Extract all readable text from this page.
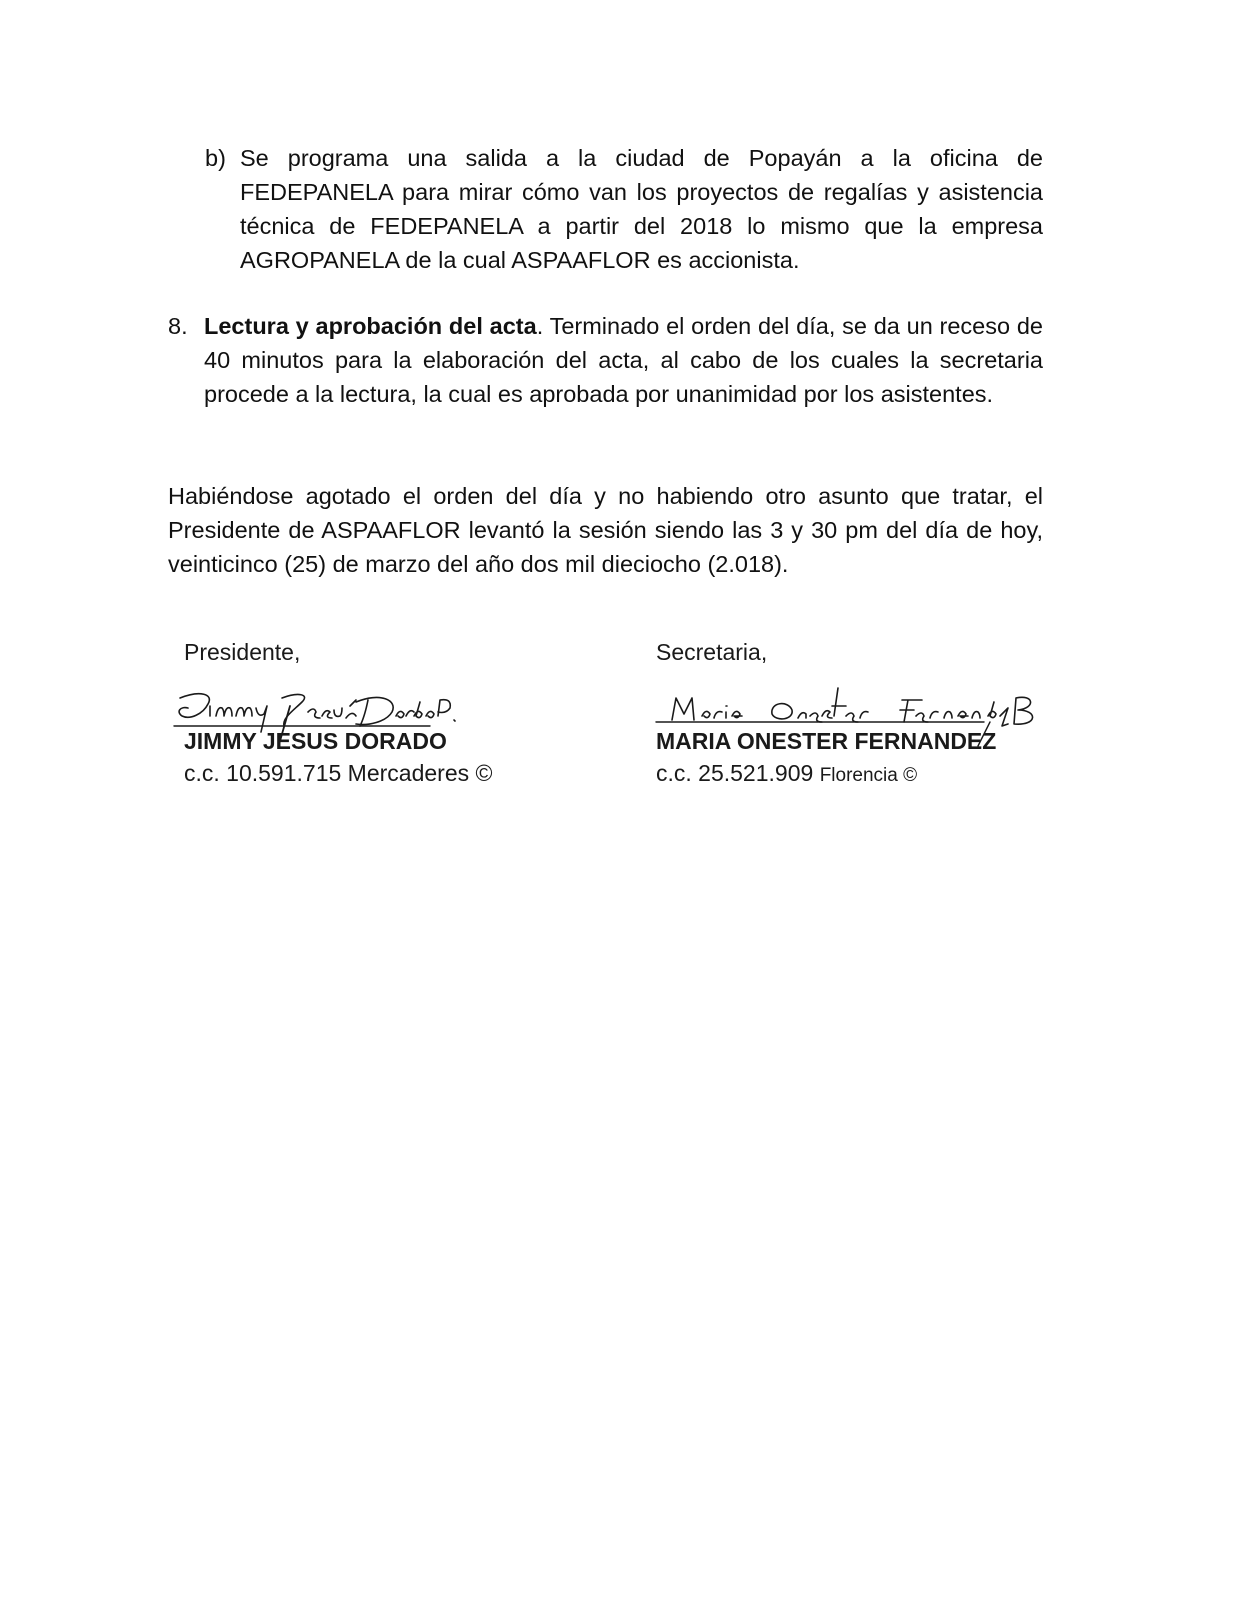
b) Se programa una salida a la ciudad de Popayán a la oficina de FEDEPANELA para mirar cómo van los proyectos de regalías y asistencia técnica de FEDEPANELA a partir del 2018 lo mismo que la empresa AGROPANELA de la cual ASPAAFLOR es accionista.
8. Lectura y aprobación del acta. Terminado el orden del día, se da un receso de 40 minutos para la elaboración del acta, al cabo de los cuales la secretaria procede a la lectura, la cual es aprobada por unanimidad por los asistentes.
Habiéndose agotado el orden del día y no habiendo otro asunto que tratar, el Presidente de ASPAAFLOR levantó la sesión siendo las 3 y 30 pm del día de hoy, veinticinco (25) de marzo del año dos mil dieciocho (2.018).
Presidente,
JIMMY JESUS DORADO
c.c. 10.591.715 Mercaderes ©
Secretaria,
MARIA ONESTER FERNANDEZ
c.c. 25.521.909 Florencia ©
